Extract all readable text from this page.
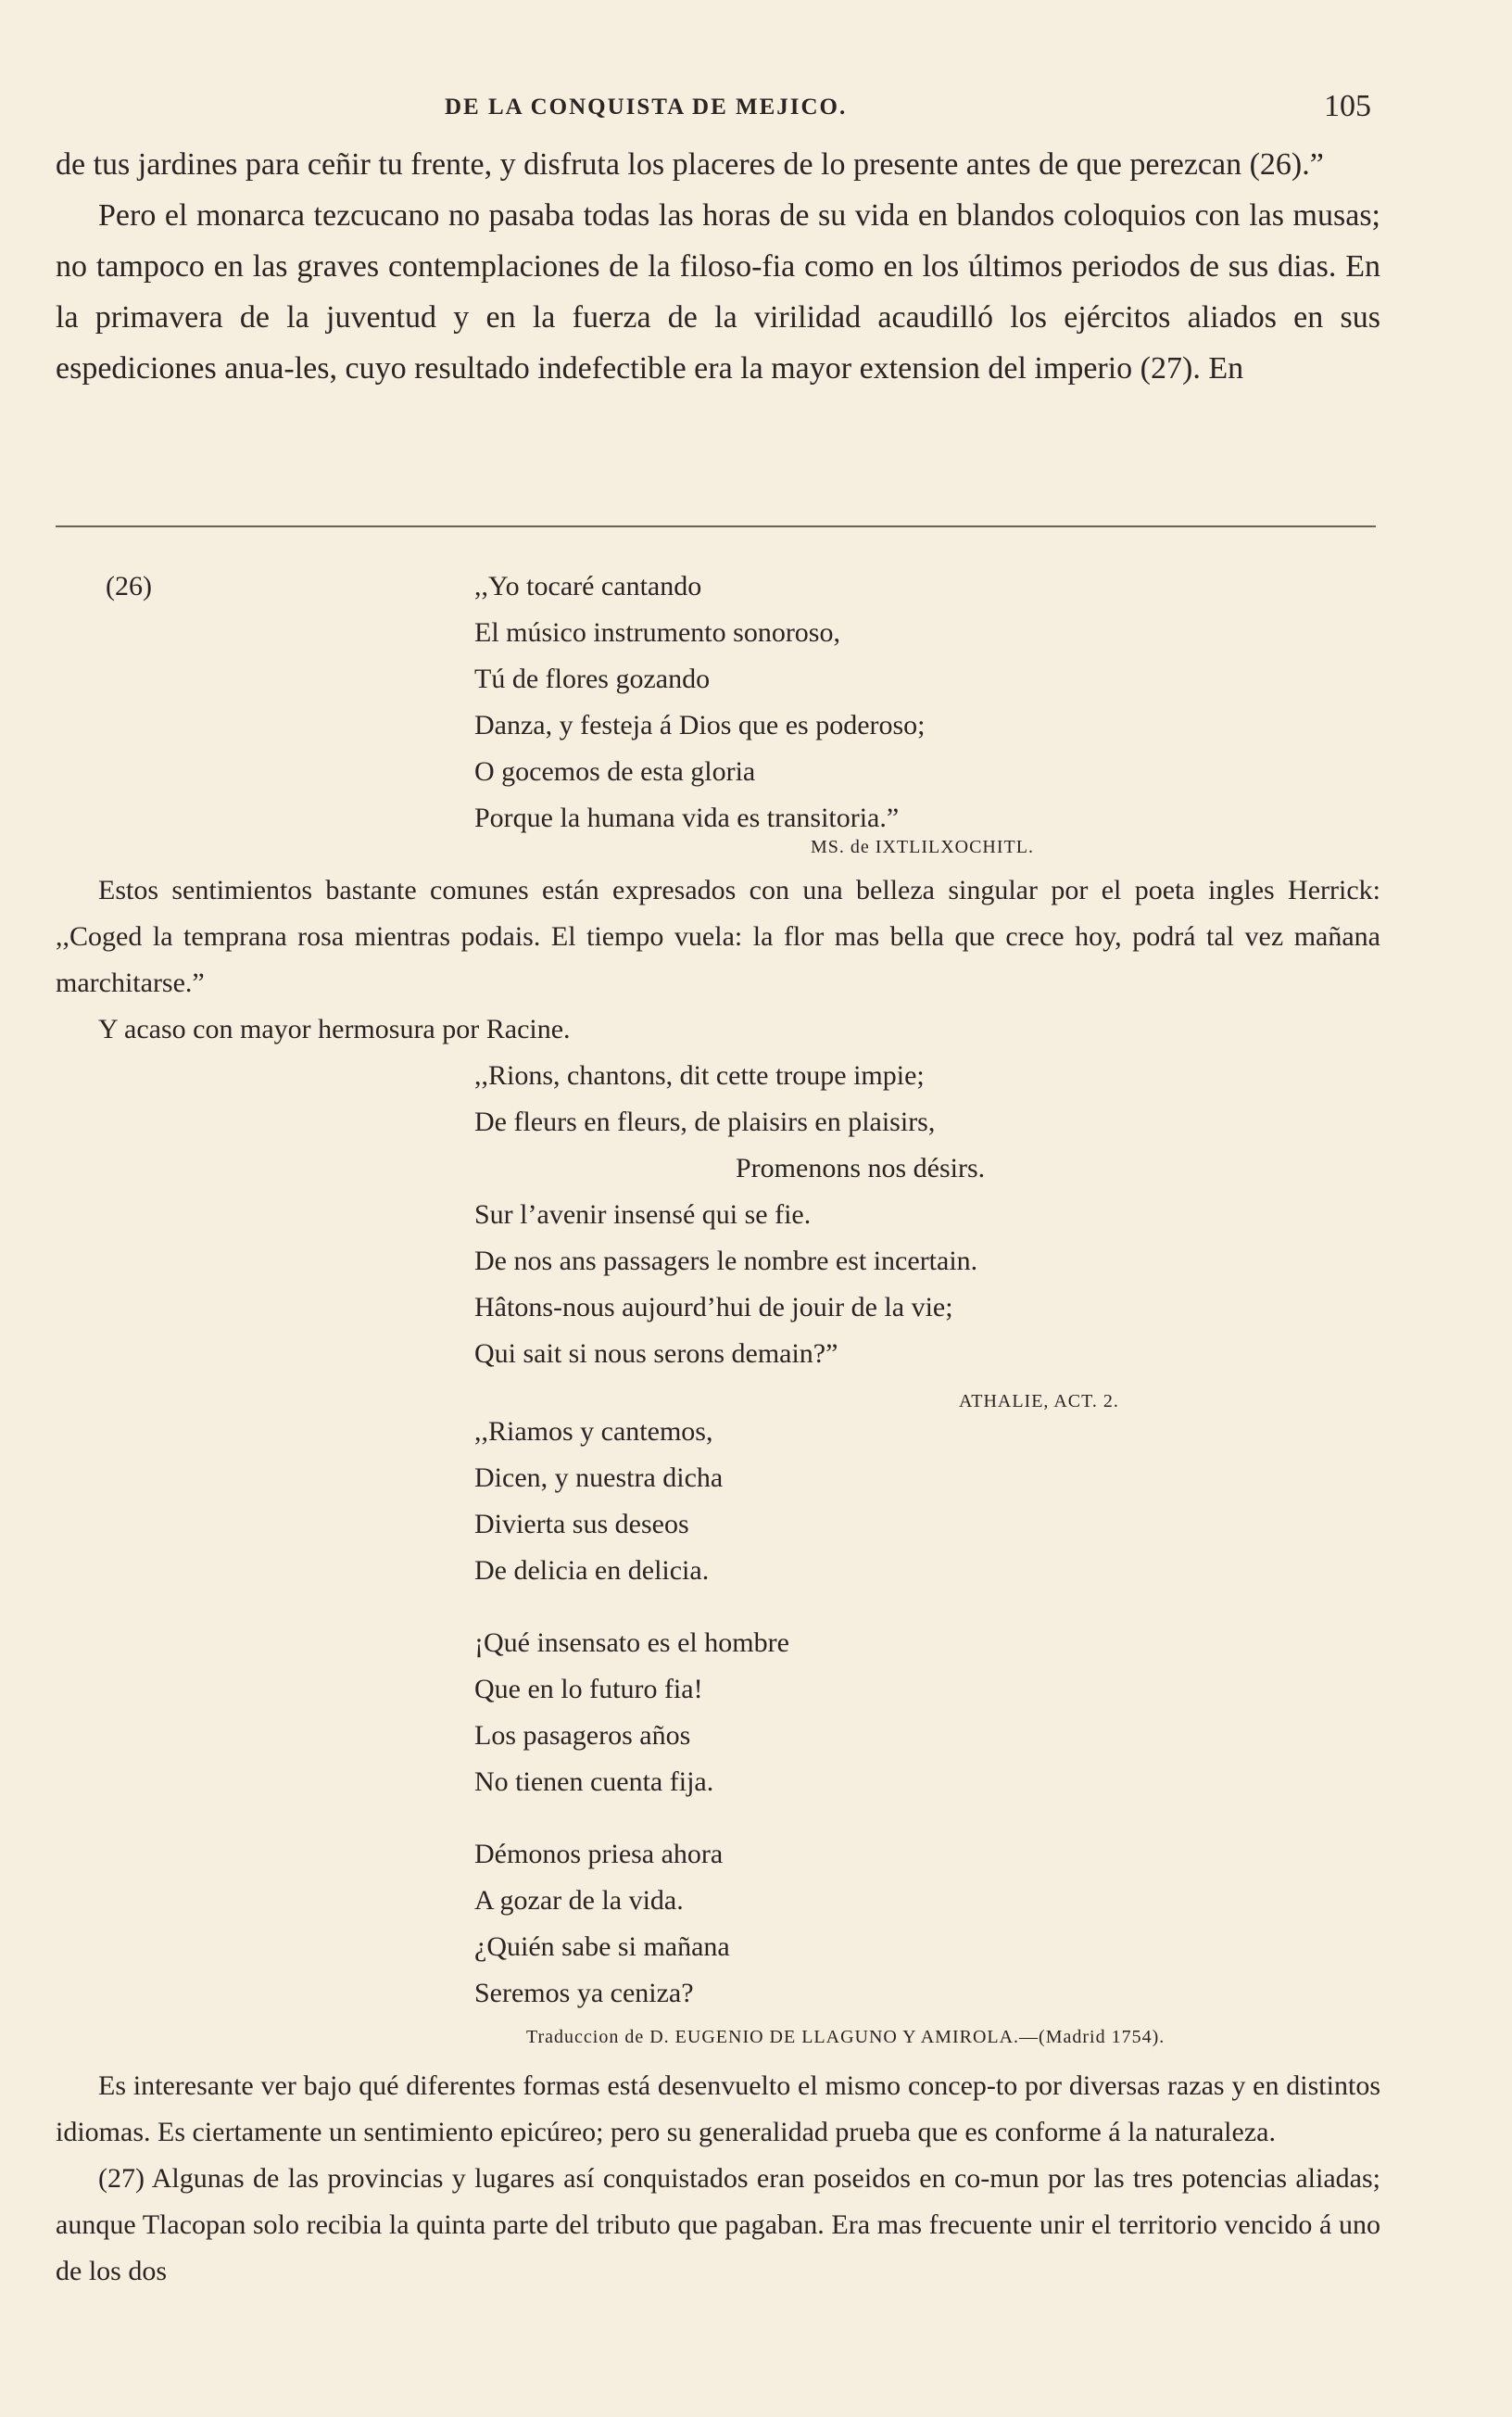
DE LA CONQUISTA DE MEJICO.	105

de tus jardines para ceñir tu frente, y disfruta los placeres de lo presente antes de que perezcan (26).”

Pero el monarca tezcucano no pasaba todas las horas de su vida en blandos coloquios con las musas; no tampoco en las graves contemplaciones de la filoso-fia como en los últimos periodos de sus dias. En la primavera de la juventud y en la fuerza de la virilidad acaudilló los ejércitos aliados en sus espediciones anua-les, cuyo resultado indefectible era la mayor extension del imperio (27). En

(26)	,,Yo tocaré cantando
El músico instrumento sonoroso,
Tú de flores gozando
Danza, y festeja á Dios que es poderoso;
O gocemos de esta gloria
Porque la humana vida es transitoria.”
MS. de IXTLILXOCHITL.

Estos sentimientos bastante comunes están expresados con una belleza singular por el poeta ingles Herrick: ,,Coged la temprana rosa mientras podais. El tiempo vuela: la flor mas bella que crece hoy, podrá tal vez mañana marchitarse.”

Y acaso con mayor hermosura por Racine.

,,Rions, chantons, dit cette troupe impie;
De fleurs en fleurs, de plaisirs en plaisirs,
Promenons nos désirs.
Sur l’avenir insensé qui se fie.
De nos ans passagers le nombre est incertain.
Hâtons-nous aujourd’hui de jouir de la vie;
Qui sait si nous serons demain?”
ATHALIE, ACT. 2.
,,Riamos y cantemos,
Dicen, y nuestra dicha
Divierta sus deseos
De delicia en delicia.
¡Qué insensato es el hombre
Que en lo futuro fia!
Los pasageros años
No tienen cuenta fija.
Démonos priesa ahora
A gozar de la vida.
¿Quién sabe si mañana
Seremos ya ceniza?
Traduccion de D. EUGENIO DE LLAGUNO Y AMIROLA.—(Madrid 1754).

Es interesante ver bajo qué diferentes formas está desenvuelto el mismo concep-to por diversas razas y en distintos idiomas. Es ciertamente un sentimiento epicúreo; pero su generalidad prueba que es conforme á la naturaleza.

(27) Algunas de las provincias y lugares así conquistados eran poseidos en co-mun por las tres potencias aliadas; aunque Tlacopan solo recibia la quinta parte del tributo que pagaban. Era mas frecuente unir el territorio vencido á uno de los dos
